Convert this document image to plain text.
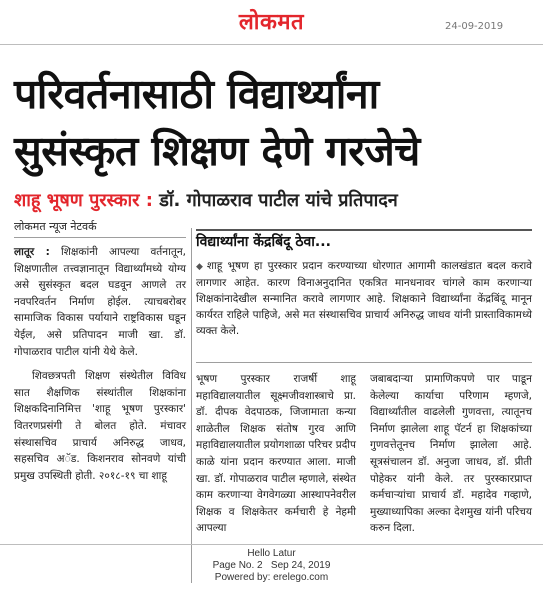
लोकमत	24-09-2019
परिवर्तनासाठी विद्यार्थ्यांना
सुसंस्कृत शिक्षण देणे गरजेचे
शाहू भूषण पुरस्कार : डॉ. गोपाळराव पाटील यांचे प्रतिपादन
लोकमत न्यूज नेटवर्क

लातूर : शिक्षकांनी आपल्या वर्तनातून, शिक्षणातील तत्त्वज्ञानातून विद्यार्थ्यांमध्ये योग्य असे सुसंस्कृत बदल घडवून आणले तर नवपरिवर्तन निर्माण होईल. त्याचबरोबर सामाजिक विकास पर्यायाने राष्ट्रविकास घडून येईल, असे प्रतिपादन माजी खा. डॉ. गोपाळराव पाटील यांनी येथे केले.

शिवछत्रपती शिक्षण संस्थेतील विविध सात शैक्षणिक संस्थांतील शिक्षकांना शिक्षकदिनानिमित्त 'शाहू भूषण पुरस्कार' वितरणप्रसंगी ते बोलत होते. मंचावर संस्थासचिव प्राचार्य अनिरुद्ध जाधव, सहसचिव अॅड. किशनराव सोनवणे यांची प्रमुख उपस्थिती होती. २०१८-१९ चा शाहू

विद्यार्थ्यांना केंद्रबिंदू ठेवा...
◆ शाहू भूषण हा पुरस्कार प्रदान करण्याच्या धोरणात आगामी कालखंडात बदल करावे लागणार आहेत. कारण विनाअनुदानित एकत्रित मानधनावर चांगले काम करणाऱ्या शिक्षकांनादेखील सन्मानित करावे लागणार आहे. शिक्षकाने विद्यार्थ्यांना केंद्रबिंदू मानून कार्यरत राहिले पाहिजे, असे मत संस्थासचिव प्राचार्य अनिरुद्ध जाधव यांनी प्रास्ताविकामध्ये व्यक्त केले.

भूषण पुरस्कार राजर्षी शाहू महाविद्यालयातील सूक्ष्मजीवशास्त्राचे प्रा. डॉ. दीपक वेदपाठक, जिजामाता कन्या शाळेतील शिक्षक संतोष गुरव आणि महाविद्यालयातील प्रयोगशाळा परिचर प्रदीप काळे यांना प्रदान करण्यात आला. माजी खा. डॉ. गोपाळराव पाटील म्हणाले, संस्थेत काम करणाऱ्या वेगवेगळ्या आस्थापनेवरील शिक्षक व शिक्षकेतर कर्मचारी हे नेहमी आपल्या

जबाबदाऱ्या प्रामाणिकपणे पार पाडून केलेल्या कार्याचा परिणाम म्हणजे, विद्यार्थ्यांतील वाढलेली गुणवत्ता, त्यातूनच निर्माण झालेला शाहू पॅटर्न हा शिक्षकांच्या गुणवत्तेतूनच निर्माण झालेला आहे. सूत्रसंचालन डॉ. अनुजा जाधव, डॉ. प्रीती पोहेकर यांनी केले. तर पुरस्कारप्राप्त कर्मचाऱ्यांचा प्राचार्य डॉ. महादेव गव्हाणे, मुख्याध्यापिका अल्का देशमुख यांनी परिचय करुन दिला.

Hello Latur
Page No. 2   Sep 24, 2019
Powered by: erelego.com
